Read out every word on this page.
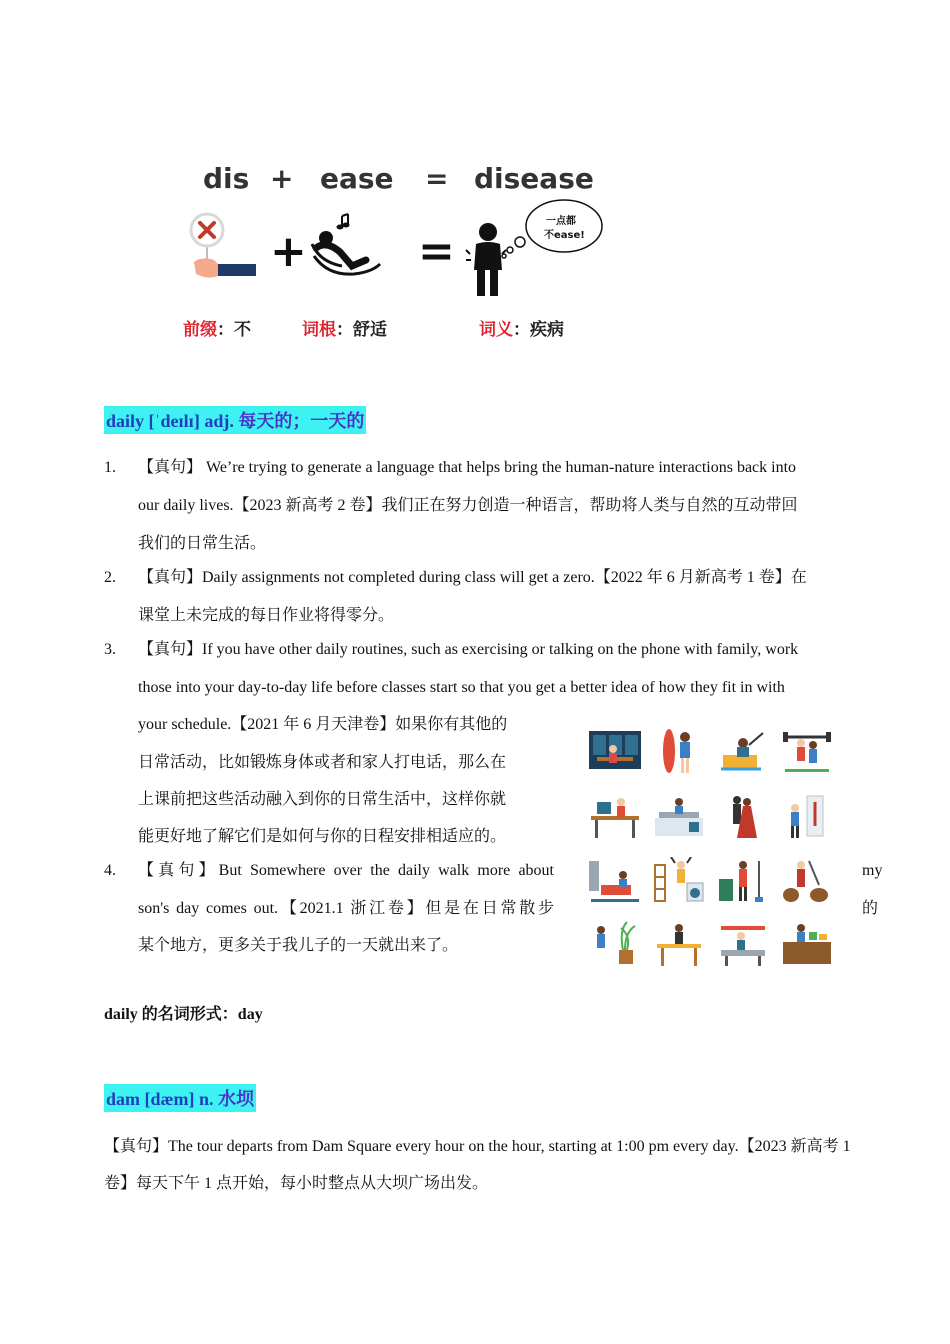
dis + ease = disease
+	=
一点都
不ease!
前缀：不	词根：舒适	词义：疾病
daily [ˈdeɪlɪ] adj. 每天的；一天的
1. 【真句】 We’re trying to generate a language that helps bring the human-nature interactions back into
our daily lives.【2023 新高考 2 卷】我们正在努力创造一种语言，帮助将人类与自然的互动带回
我们的日常生活。
2. 【真句】Daily assignments not completed during class will get a zero.【2022 年 6 月新高考 1 卷】在
课堂上未完成的每日作业将得零分。
3. 【真句】If you have other daily routines, such as exercising or talking on the phone with family, work
those into your day-to-day life before classes start so that you get a better idea of how they fit in with
your schedule.【2021 年 6 月天津卷】如果你有其他的
日常活动，比如锻炼身体或者和家人打电话，那么在
上课前把这些活动融入到你的日常生活中，这样你就
能更好地了解它们是如何与你的日程安排相适应的。
4. 【真句】But Somewhere over the daily walk more about	my
son's day comes out.【2021.1 浙江卷】但是在日常散步	的
某个地方，更多关于我儿子的一天就出来了。
daily 的名词形式：day
dam [dæm] n. 水坝
【真句】The tour departs from Dam Square every hour on the hour, starting at 1:00 pm every day.【2023 新高考 1
卷】每天下午 1 点开始，每小时整点从大坝广场出发。
